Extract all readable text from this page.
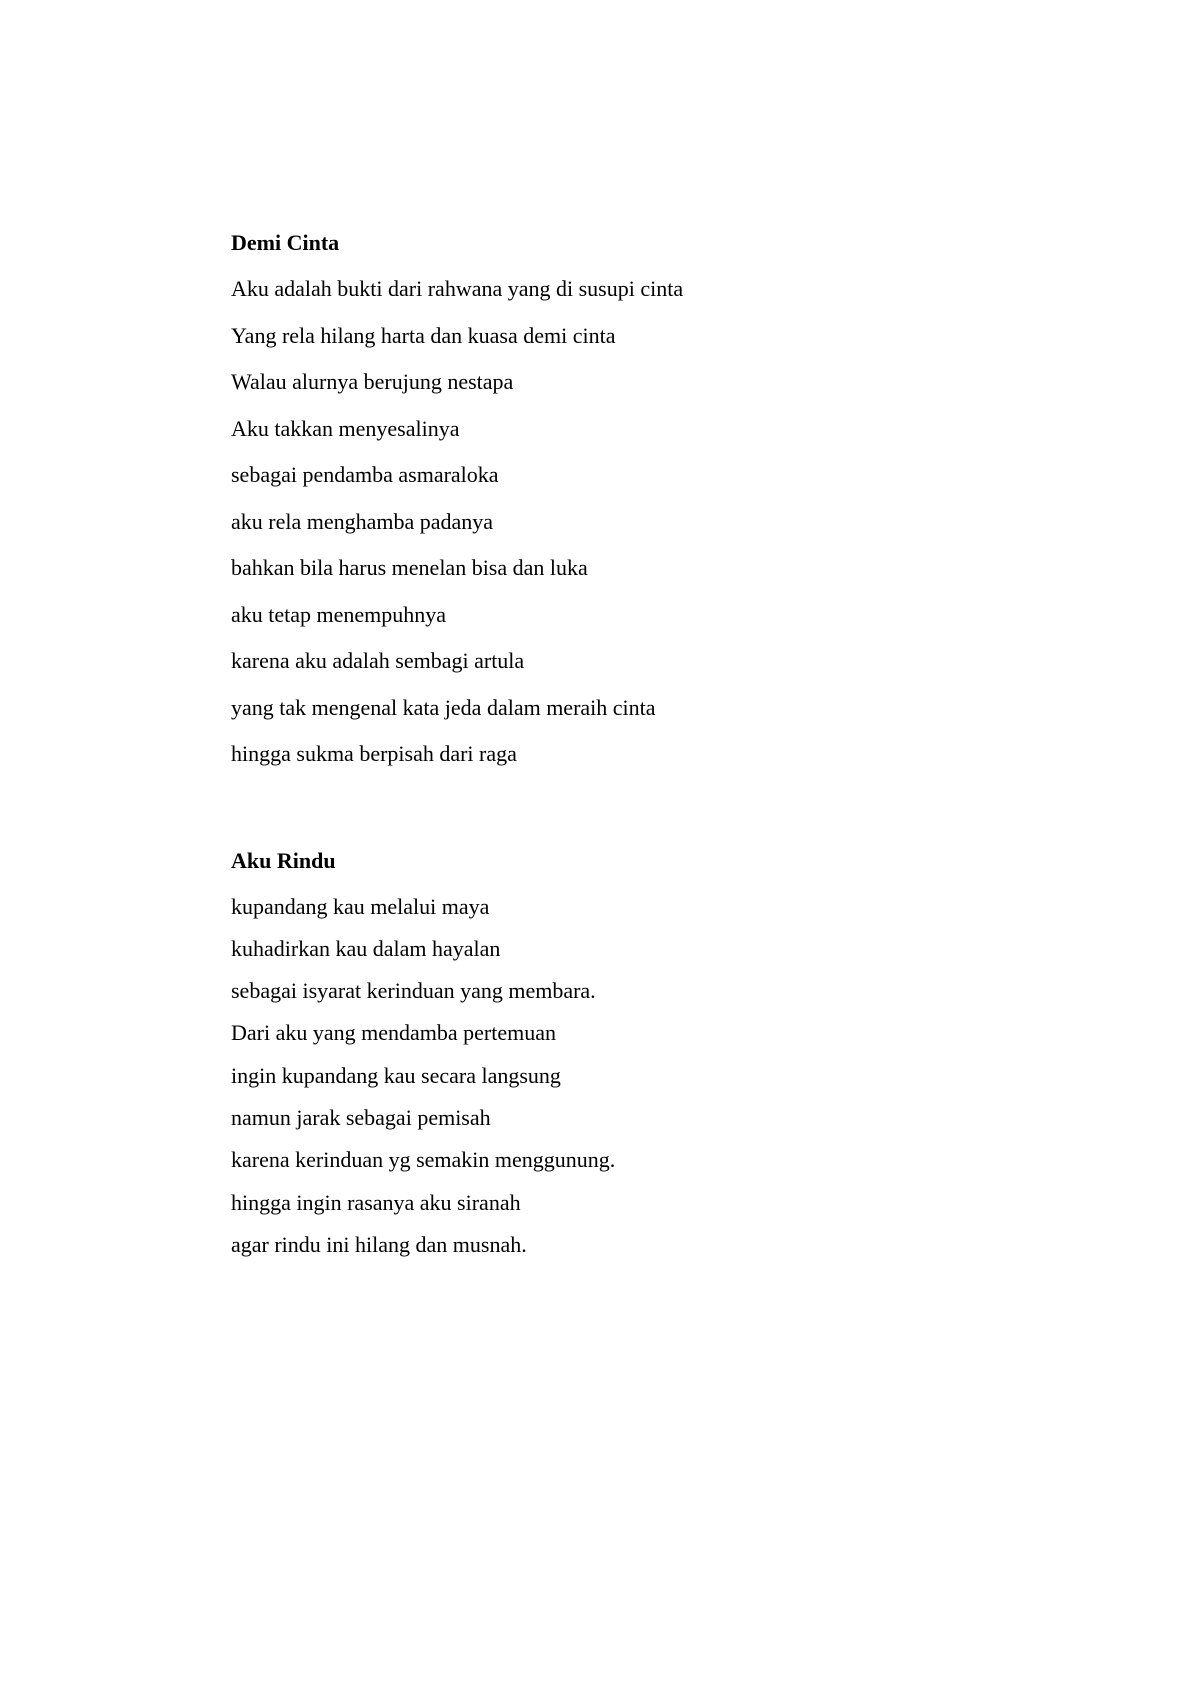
Demi Cinta
Aku adalah bukti dari rahwana yang di susupi cinta
Yang rela hilang harta dan kuasa demi cinta
Walau alurnya berujung nestapa
Aku takkan menyesalinya
sebagai pendamba asmaraloka
aku rela menghamba padanya
bahkan bila harus menelan bisa dan luka
aku tetap menempuhnya
karena aku adalah sembagi artula
yang tak mengenal kata jeda dalam meraih cinta
hingga sukma berpisah dari raga
Aku Rindu
kupandang kau melalui maya
kuhadirkan kau dalam hayalan
sebagai isyarat kerinduan yang membara.
Dari aku yang mendamba pertemuan
ingin kupandang kau secara langsung
namun jarak sebagai pemisah
karena kerinduan yg semakin menggunung.
hingga ingin rasanya aku siranah
agar rindu ini hilang dan musnah.
